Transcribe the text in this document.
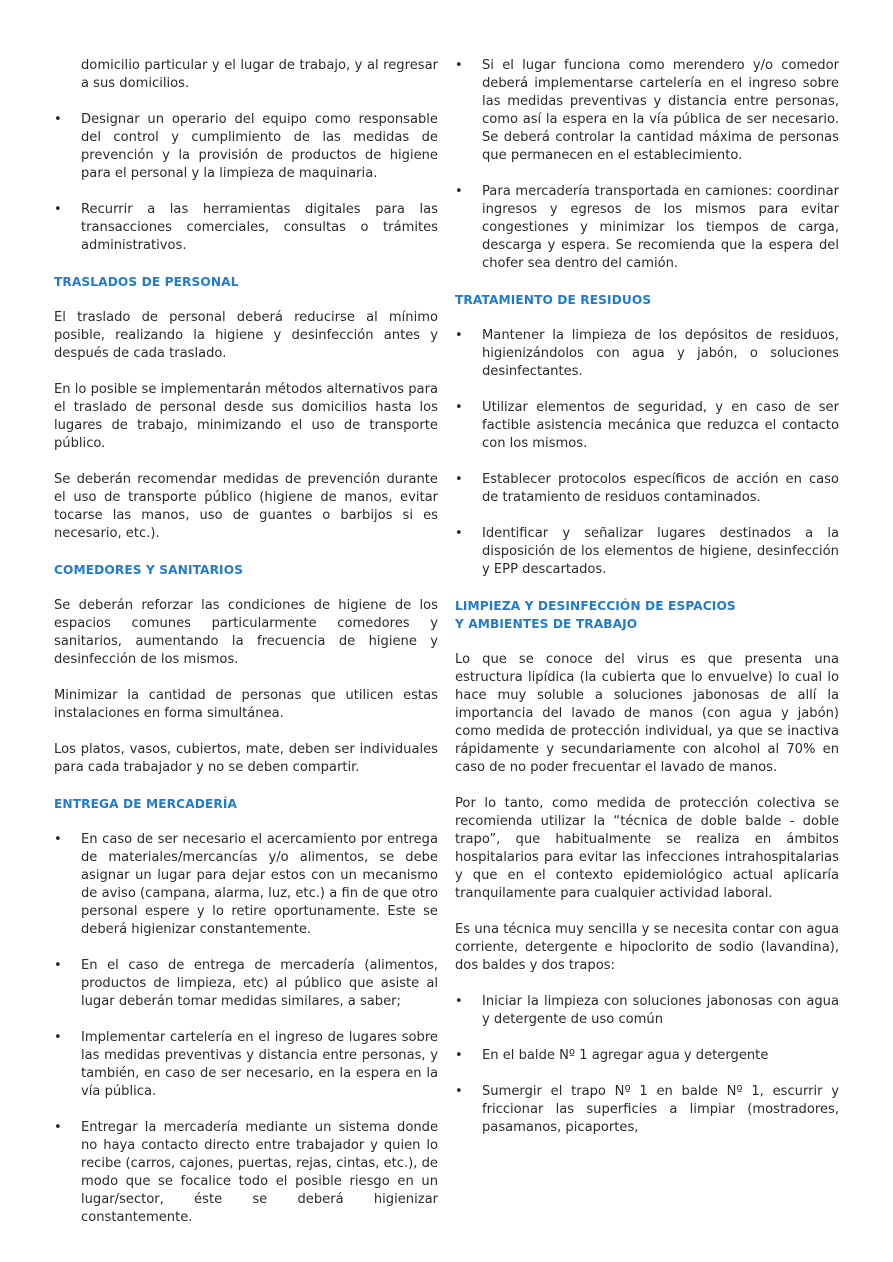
domicilio particular y el lugar de trabajo, y al regresar a sus domicilios.

•	Designar un operario del equipo como responsable del control y cumplimiento de las medidas de prevención y la provisión de productos de higiene para el personal y la limpieza de maquinaria.
•	Recurrir a las herramientas digitales para las transacciones comerciales, consultas o trámites administrativos.
TRASLADOS DE PERSONAL

El traslado de personal deberá reducirse al mínimo posible, realizando la higiene y desinfección antes y después de cada traslado.

En lo posible se implementarán métodos alternativos para el traslado de personal desde sus domicilios hasta los lugares de trabajo, minimizando el uso de transporte público.

Se deberán recomendar medidas de prevención durante el uso de transporte público (higiene de manos, evitar tocarse las manos, uso de guantes o barbijos si es necesario, etc.).

COMEDORES Y SANITARIOS

Se deberán reforzar las condiciones de higiene de los espacios comunes particularmente comedores y sanitarios, aumentando la frecuencia de higiene y desinfección de los mismos.

Minimizar la cantidad de personas que utilicen estas instalaciones en forma simultánea.

Los platos, vasos, cubiertos, mate, deben ser individuales para cada trabajador y no se deben compartir.

ENTREGA DE MERCADERÍA
•	En caso de ser necesario el acercamiento por entrega de materiales/mercancías y/o alimentos, se debe asignar un lugar para dejar estos con un mecanismo de aviso (campana, alarma, luz, etc.) a fin de que otro personal espere y lo retire oportunamente. Este se deberá higienizar constantemente.
•	En el caso de entrega de mercadería (alimentos, productos de limpieza, etc) al público que asiste al lugar deberán tomar medidas similares, a saber;
•	Implementar cartelería en el ingreso de lugares sobre las medidas preventivas y distancia entre personas, y también, en caso de ser necesario, en la espera en la vía pública.
•	Entregar la mercadería mediante un sistema donde no haya contacto directo entre trabajador y quien lo recibe (carros, cajones, puertas, rejas, cintas, etc.), de modo que se focalice todo el posible riesgo en un lugar/sector, éste se deberá higienizar constantemente.
•	Si el lugar funciona como merendero y/o comedor deberá implementarse cartelería en el ingreso sobre las medidas preventivas y distancia entre personas, como así la espera en la vía pública de ser necesario. Se deberá controlar la cantidad máxima de personas que permanecen en el establecimiento.
•	Para mercadería transportada en camiones: coordinar ingresos y egresos de los mismos para evitar congestiones y minimizar los tiempos de carga, descarga y espera. Se recomienda que la espera del chofer sea dentro del camión.
TRATAMIENTO DE RESIDUOS
•	Mantener la limpieza de los depósitos de residuos, higienizándolos con agua y jabón, o soluciones desinfectantes.
•	Utilizar elementos de seguridad, y en caso de ser factible asistencia mecánica que reduzca el contacto con los mismos.
•	Establecer protocolos específicos de acción en caso de tratamiento de residuos contaminados.
•	Identificar y señalizar lugares destinados a la disposición de los elementos de higiene, desinfección y EPP descartados.
LIMPIEZA Y DESINFECCIÓN DE ESPACIOS
Y AMBIENTES DE TRABAJO

Lo que se conoce del virus es que presenta una estructura lipídica (la cubierta que lo envuelve) lo cual lo hace muy soluble a soluciones jabonosas de allí la importancia del lavado de manos (con agua y jabón) como medida de protección individual, ya que se inactiva rápidamente y secundariamente con alcohol al 70% en caso de no poder frecuentar el lavado de manos.

Por lo tanto, como medida de protección colectiva se recomienda utilizar la “técnica de doble balde - doble trapo”, que habitualmente se realiza en ámbitos hospitalarios para evitar las infecciones intrahospitalarias y que en el contexto epidemiológico actual aplicaría tranquilamente para cualquier actividad laboral.

Es una técnica muy sencilla y se necesita contar con agua corriente, detergente e hipoclorito de sodio (lavandina), dos baldes y dos trapos:

•	Iniciar la limpieza con soluciones jabonosas con agua y detergente de uso común
•	En el balde Nº 1 agregar agua y detergente
•	Sumergir el trapo Nº 1 en balde Nº 1, escurrir y friccionar las superficies a limpiar (mostradores, pasamanos, picaportes,
